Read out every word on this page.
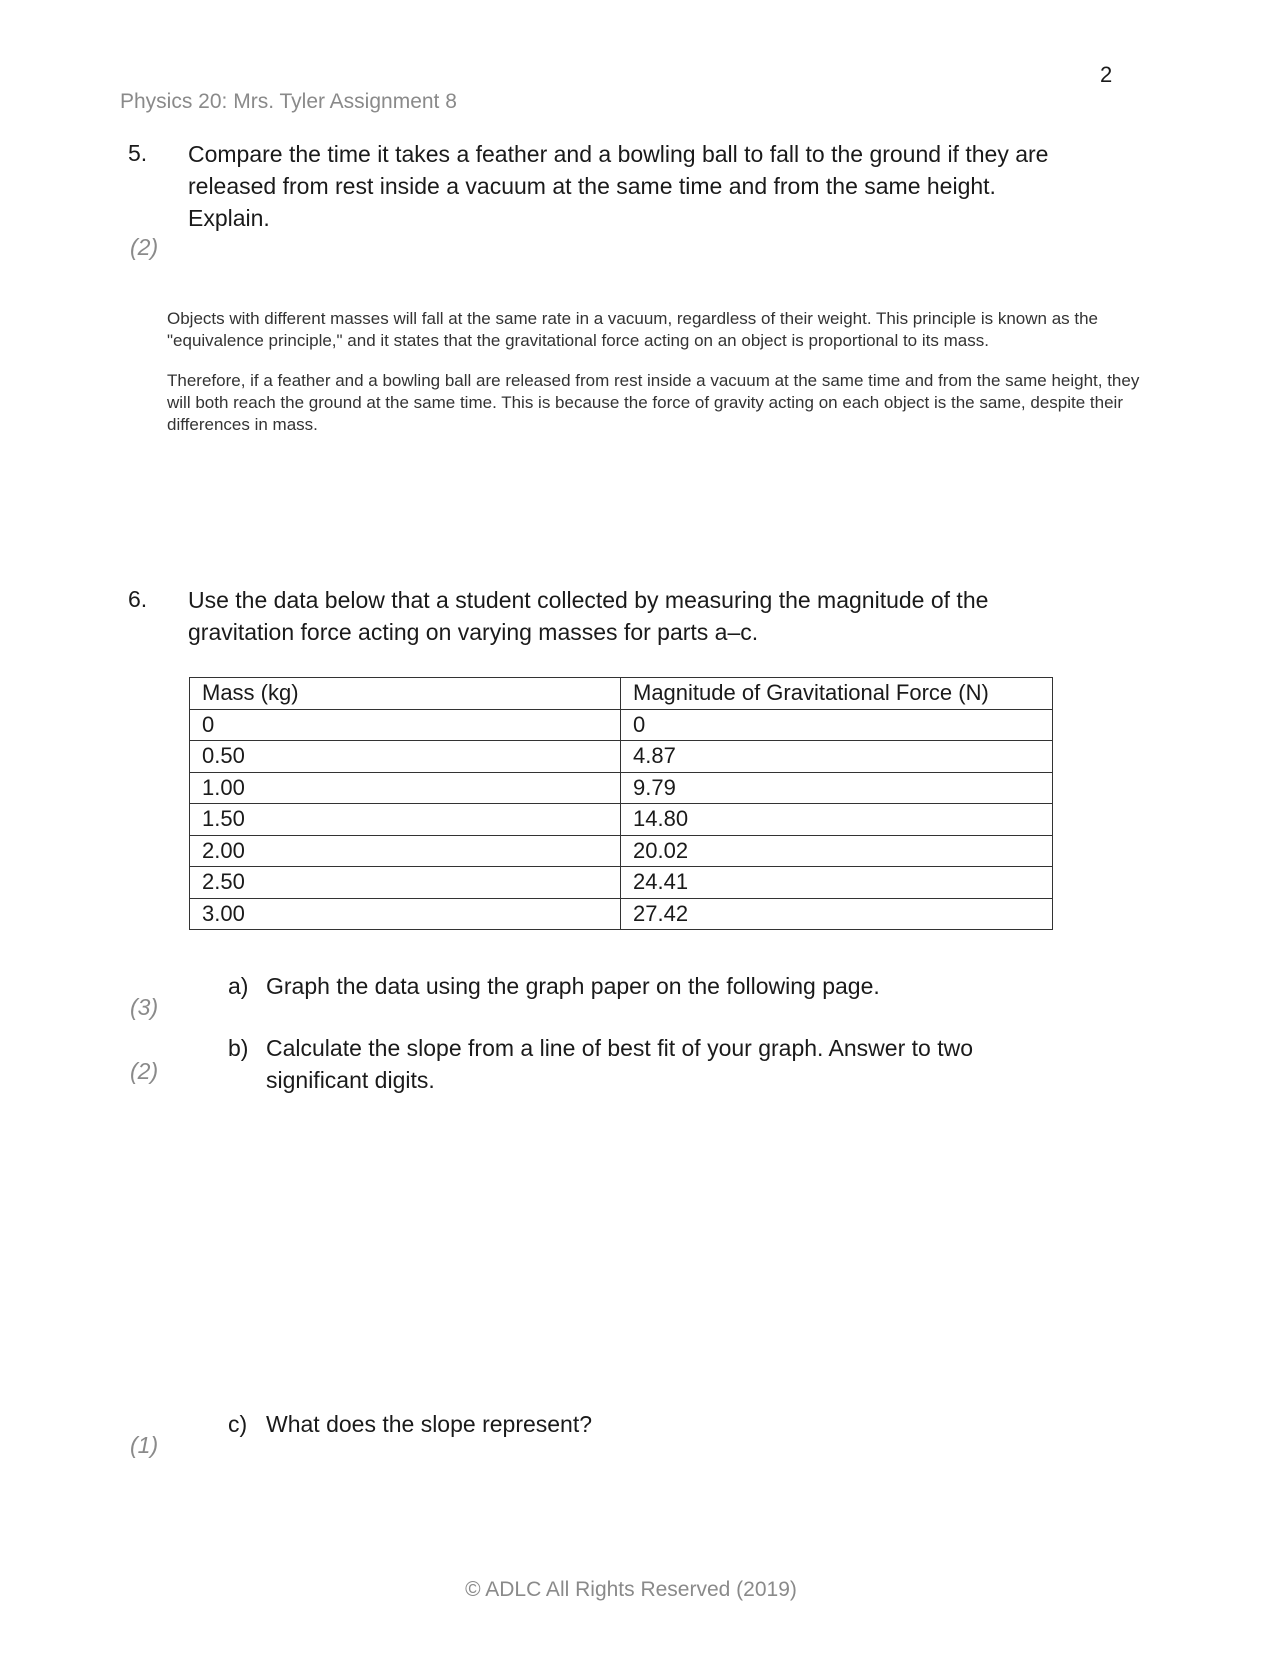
2
Physics 20: Mrs. Tyler Assignment 8
5. Compare the time it takes a feather and a bowling ball to fall to the ground if they are released from rest inside a vacuum at the same time and from the same height. Explain.
(2)

Objects with different masses will fall at the same rate in a vacuum, regardless of their weight. This principle is known as the "equivalence principle," and it states that the gravitational force acting on an object is proportional to its mass.

Therefore, if a feather and a bowling ball are released from rest inside a vacuum at the same time and from the same height, they will both reach the ground at the same time. This is because the force of gravity acting on each object is the same, despite their differences in mass.

6. Use the data below that a student collected by measuring the magnitude of the gravitation force acting on varying masses for parts a–c.
Mass (kg)	Magnitude of Gravitational Force (N)
0	0
0.50	4.87
1.00	9.79
1.50	14.80
2.00	20.02
2.50	24.41
3.00	27.42
a) Graph the data using the graph paper on the following page.
(3)
b) Calculate the slope from a line of best fit of your graph. Answer to two significant digits.
(2)
c) What does the slope represent?
(1)
© ADLC All Rights Reserved (2019)
